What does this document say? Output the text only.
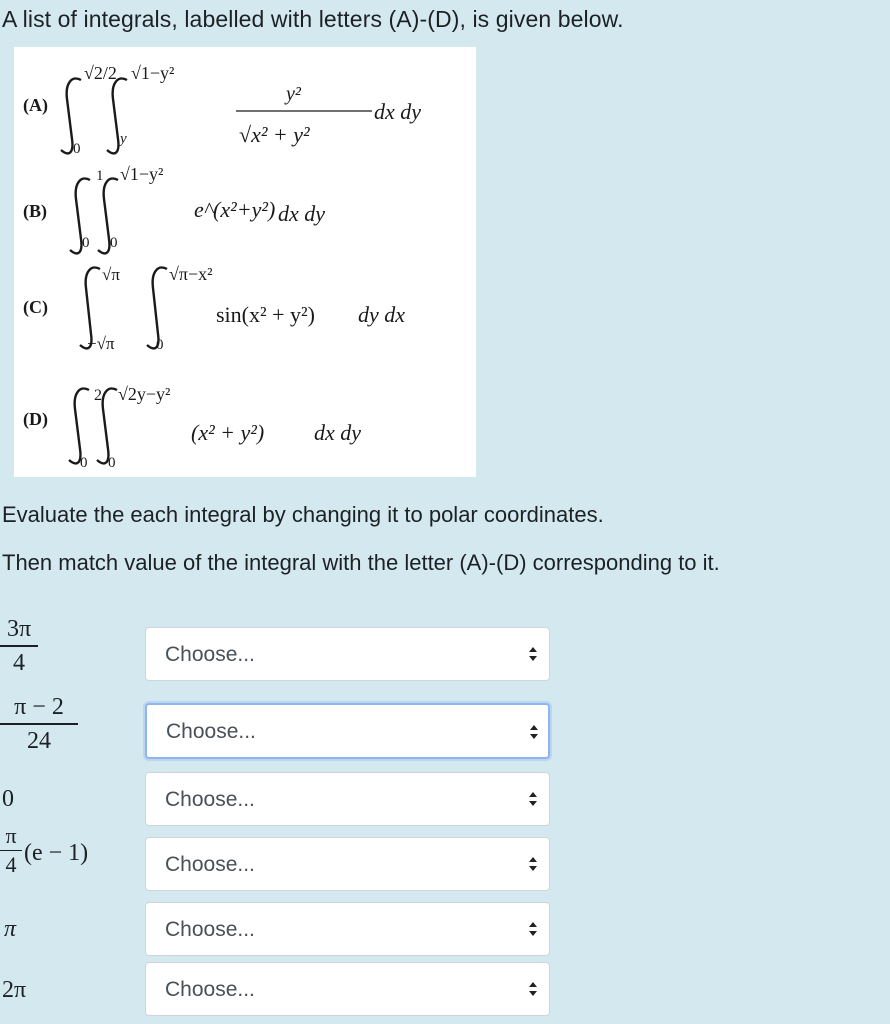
A list of integrals, labelled with letters (A)-(D), is given below.
(A)
√2/2
0
√1−y²
y
y²
√x² + y²
dx dy
(B)
1
0
√1−y²
0
e^(x²+y²) dx dy
(C)
√π
−√π
√π−x²
0
sin(x² + y²) dy dx
(D)
2
0
√2y−y²
0
(x² + y²) dx dy
Evaluate the each integral by changing it to polar coordinates.
Then match value of the integral with the letter (A)-(D) corresponding to it.
3π
4
π − 2
24
0
π
4 (e − 1)
π
2π
Choose...
Choose...
Choose...
Choose...
Choose...
Choose...
